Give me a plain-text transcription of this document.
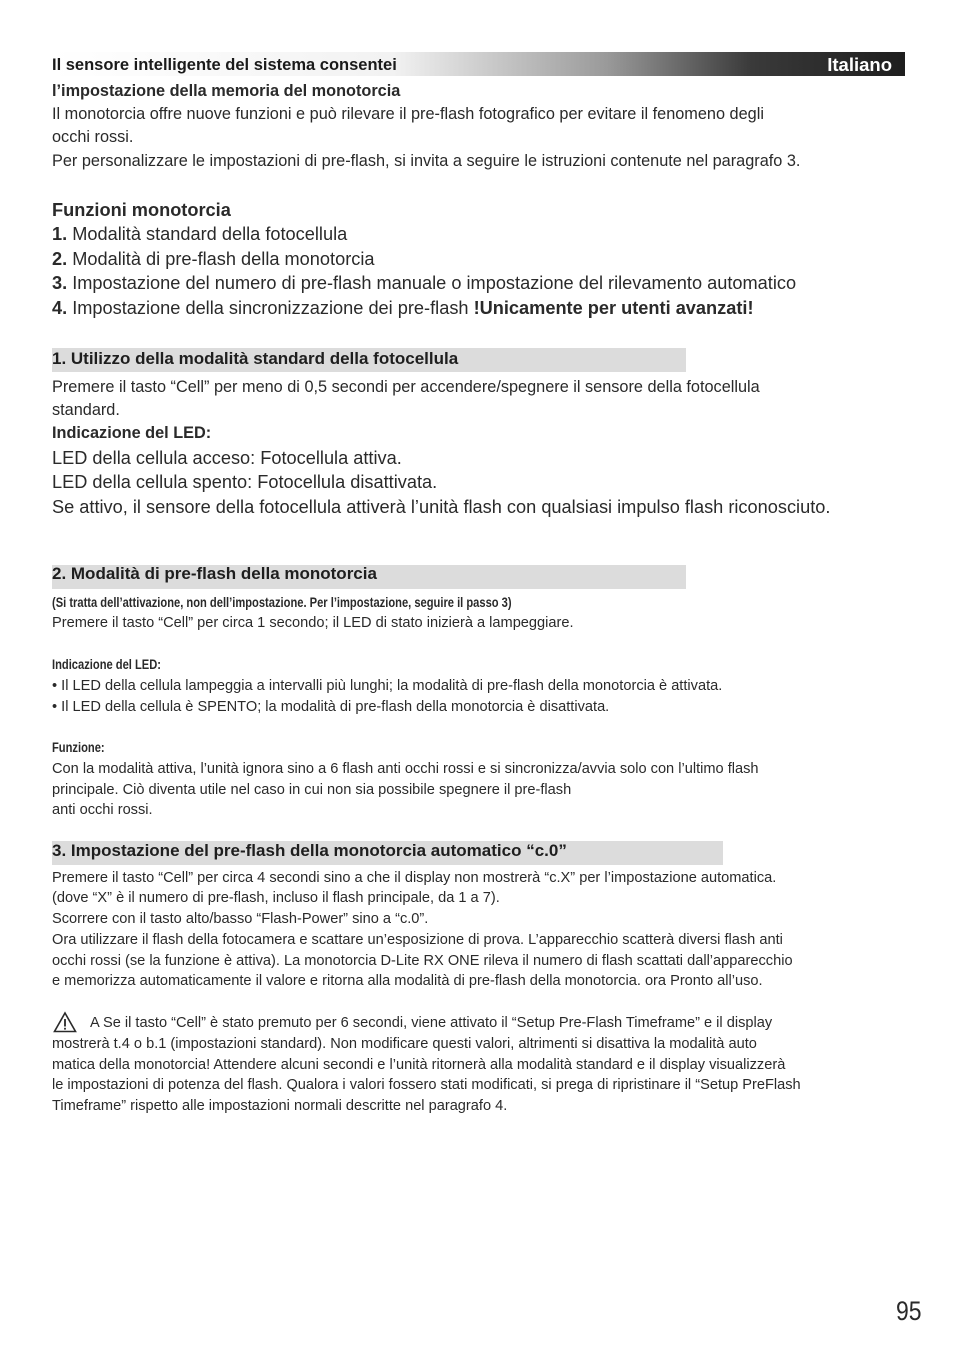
Il sensore intelligente del sistema consentei	Italiano
l’impostazione della memoria del monotorcia
Il monotorcia offre nuove funzioni e può rilevare il pre-flash fotografico per evitare il fenomeno degli
occhi rossi.
Per personalizzare le impostazioni di pre-flash, si invita a seguire le istruzioni contenute nel paragrafo 3.
Funzioni monotorcia
1. Modalità standard della fotocellula
2. Modalità di pre-flash della monotorcia
3. Impostazione del numero di pre-flash manuale o impostazione del rilevamento automatico
4. Impostazione della sincronizzazione dei pre-flash !Unicamente per utenti avanzati!
1. Utilizzo della modalità standard della fotocellula
Premere il tasto “Cell” per meno di 0,5 secondi per accendere/spegnere il sensore della fotocellula
standard.
Indicazione del LED:
LED della cellula acceso: Fotocellula attiva.
LED della cellula spento: Fotocellula disattivata.
Se attivo, il sensore della fotocellula attiverà l’unità flash con qualsiasi impulso flash riconosciuto.
2. Modalità di pre-flash della monotorcia
(Si tratta dell’attivazione, non dell’impostazione. Per l’impostazione, seguire il passo 3)
Premere il tasto “Cell” per circa 1 secondo; il LED di stato inizierà a lampeggiare.
Indicazione del LED:
• Il LED della cellula lampeggia a intervalli più lunghi; la modalità di pre-flash della monotorcia è attivata.
• Il LED della cellula è SPENTO; la modalità di pre-flash della monotorcia è disattivata.
Funzione:
Con la modalità attiva, l’unità ignora sino a 6 flash anti occhi rossi e si sincronizza/avvia solo con l’ultimo flash
principale. Ciò diventa utile nel caso in cui non sia possibile spegnere il pre-flash
anti occhi rossi.
3. Impostazione del pre-flash della monotorcia automatico “c.0”
Premere il tasto “Cell” per circa 4 secondi sino a che il display non mostrerà “c.X” per l’impostazione automatica.
(dove “X” è il numero di pre-flash, incluso il flash principale, da 1 a 7).
Scorrere con il tasto alto/basso “Flash-Power” sino a “c.0”.
Ora utilizzare il flash della fotocamera e scattare un’esposizione di prova. L’apparecchio scatterà diversi flash anti
occhi rossi (se la funzione è attiva). La monotorcia D-Lite RX ONE rileva il numero di flash scattati dall’apparecchio
e memorizza automaticamente il valore e ritorna alla modalità di pre-flash della monotorcia. ora Pronto all’uso.
A Se il tasto “Cell” è stato premuto per 6 secondi, viene attivato il “Setup Pre-Flash Timeframe” e il display
mostrerà t.4 o b.1 (impostazioni standard). Non modificare questi valori, altrimenti si disattiva la modalità auto
matica della monotorcia! Attendere alcuni secondi e l’unità ritornerà alla modalità standard e il display visualizzerà
le impostazioni di potenza del flash. Qualora i valori fossero stati modificati, si prega di ripristinare il “Setup PreFlash
Timeframe” rispetto alle impostazioni normali descritte nel paragrafo 4.
95
